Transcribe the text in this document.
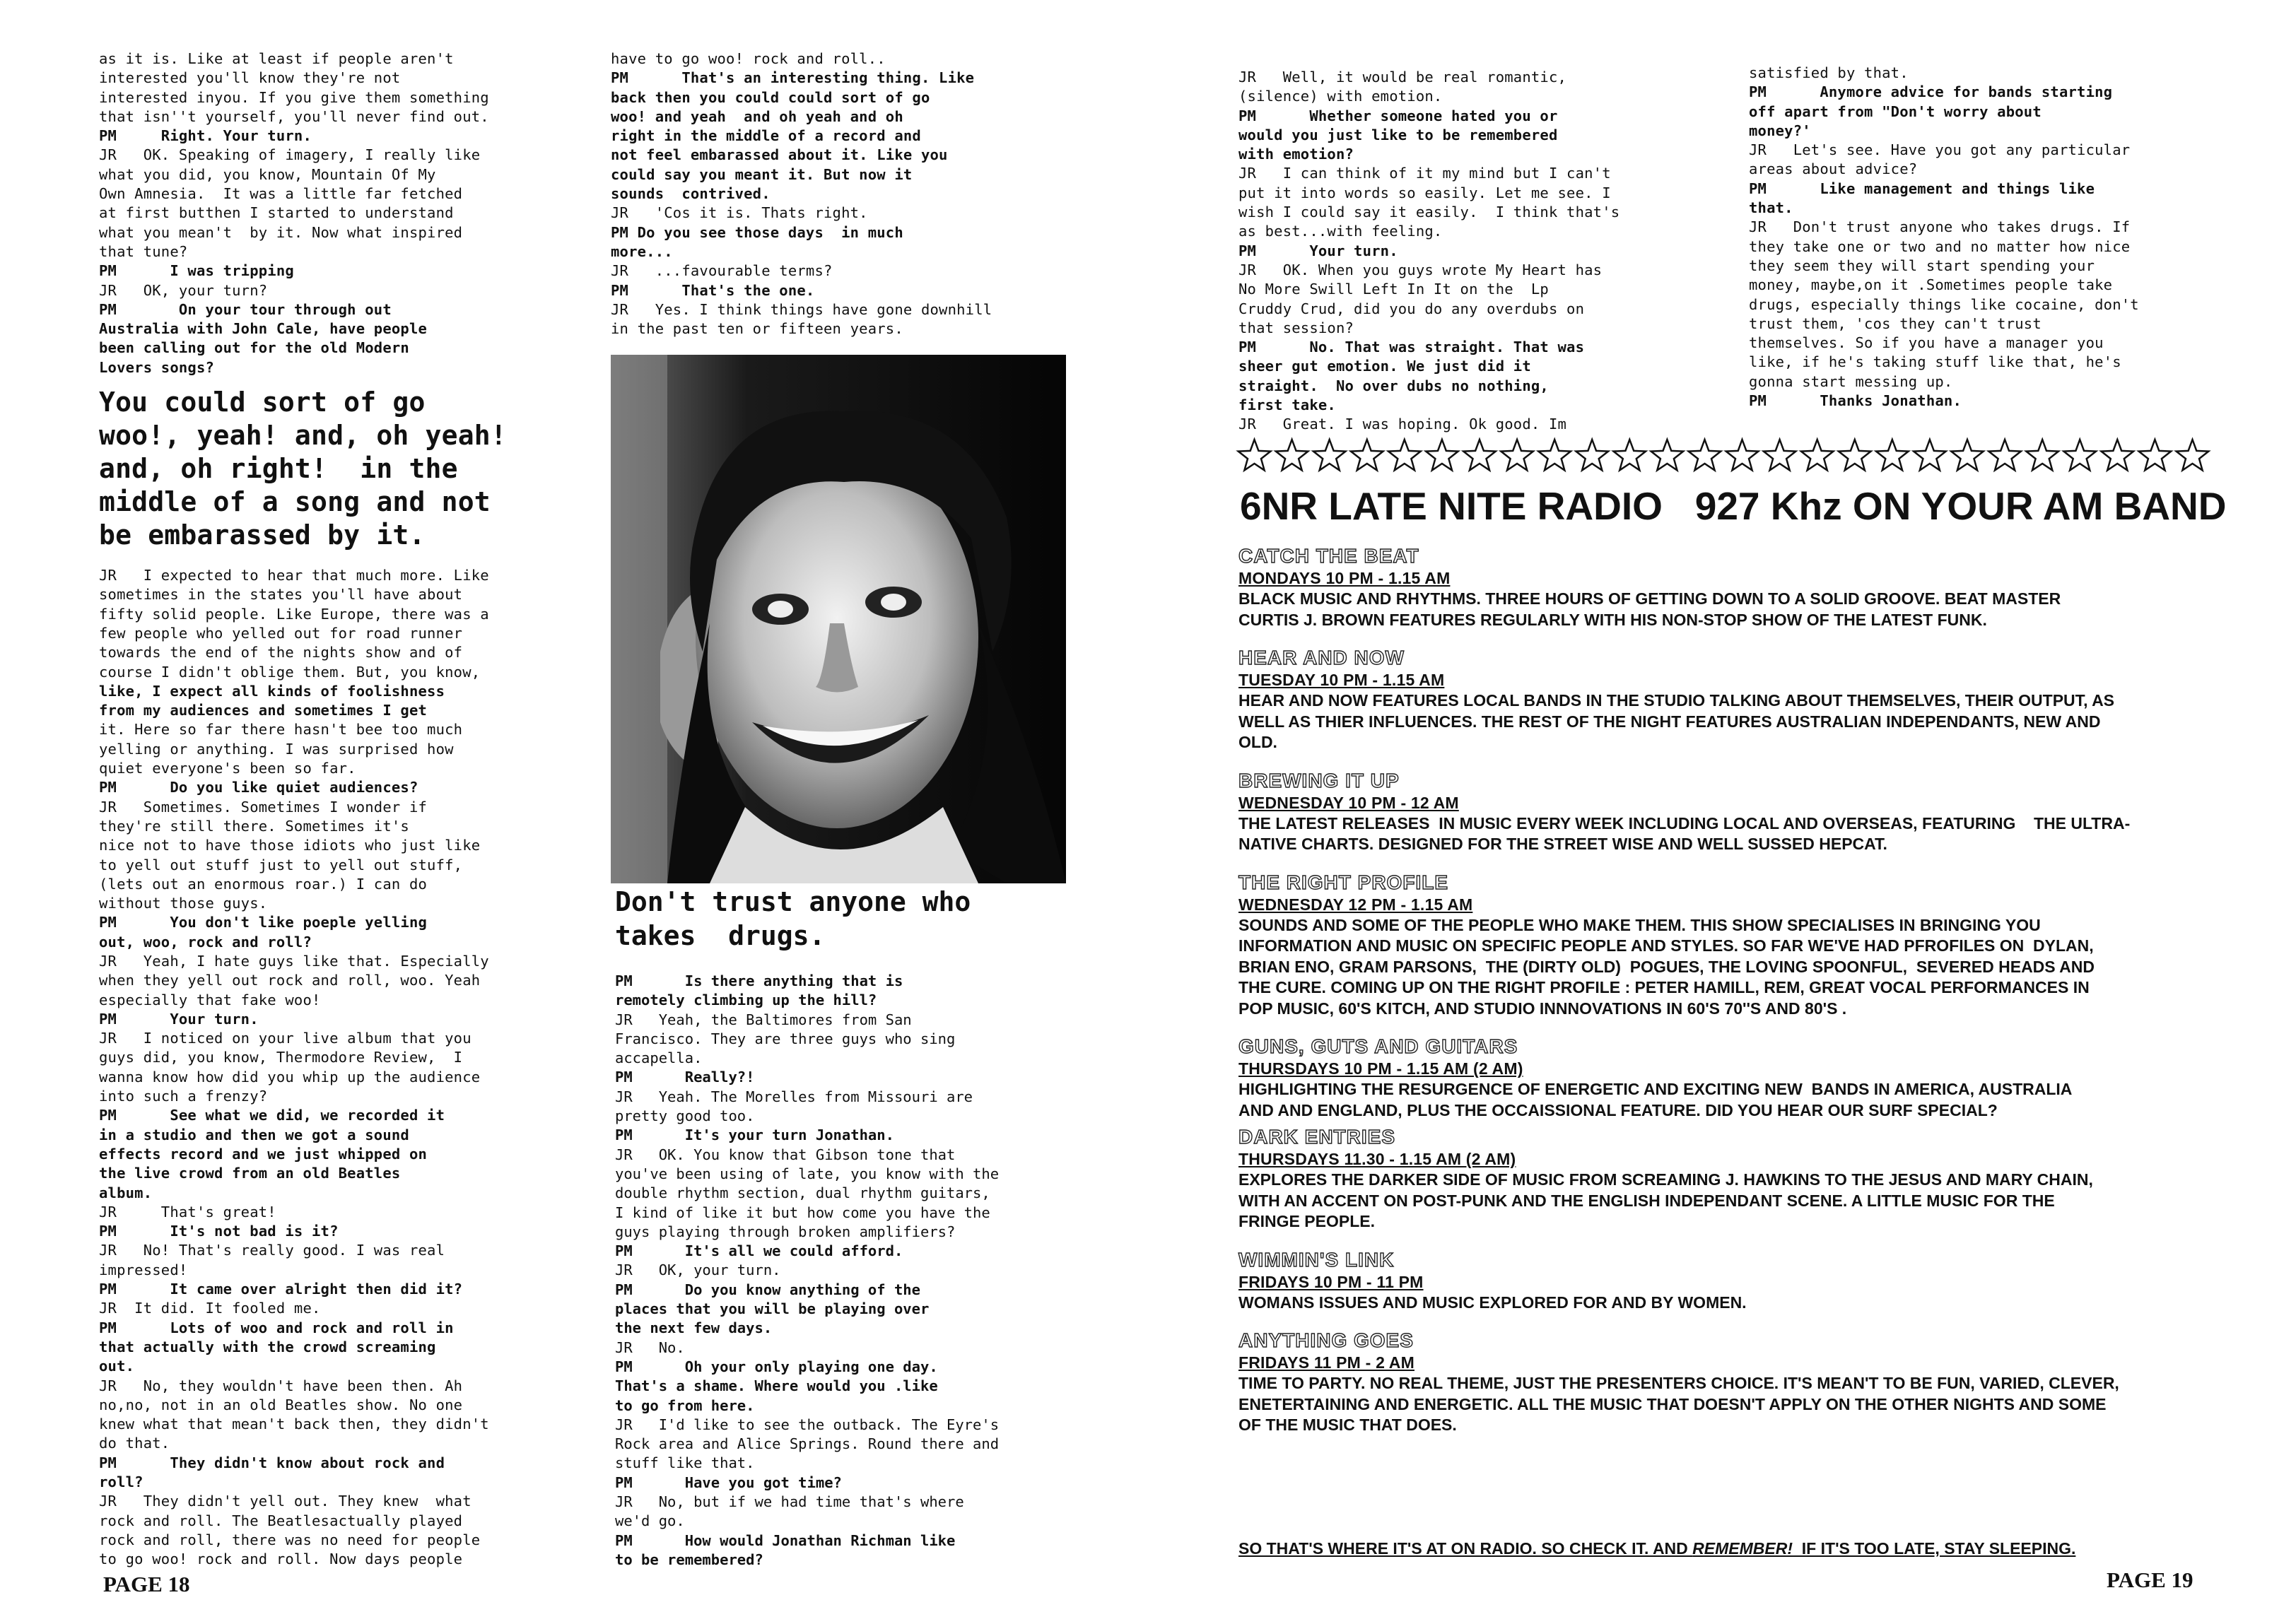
as it is. Like at least if people aren't
interested you'll know they're not
interested inyou. If you give them something
that isn''t yourself, you'll never find out.
PM     Right. Your turn.
JR   OK. Speaking of imagery, I really like
what you did, you know, Mountain Of My
Own Amnesia.  It was a little far fetched
at first butthen I started to understand
what you mean't  by it. Now what inspired
that tune?
PM      I was tripping
JR   OK, your turn?
PM       On your tour through out
Australia with John Cale, have people
been calling out for the old Modern
Lovers songs?
You could sort of go
woo!, yeah! and, oh yeah!
and, oh right!  in the
middle of a song and not
be embarassed by it.
JR   I expected to hear that much more. Like
sometimes in the states you'll have about
fifty solid people. Like Europe, there was a
few people who yelled out for road runner
towards the end of the nights show and of
course I didn't oblige them. But, you know,
like, I expect all kinds of foolishness
from my audiences and sometimes I get
it. Here so far there hasn't bee too much
yelling or anything. I was surprised how
quiet everyone's been so far.
PM      Do you like quiet audiences?
JR   Sometimes. Sometimes I wonder if
they're still there. Sometimes it's
nice not to have those idiots who just like
to yell out stuff just to yell out stuff,
(lets out an enormous roar.) I can do
without those guys.
PM      You don't like poeple yelling
out, woo, rock and roll?
JR   Yeah, I hate guys like that. Especially
when they yell out rock and roll, woo. Yeah
especially that fake woo!
PM      Your turn.
JR   I noticed on your live album that you
guys did, you know, Thermodore Review,  I
wanna know how did you whip up the audience
into such a frenzy?
PM      See what we did, we recorded it
in a studio and then we got a sound
effects record and we just whipped on
the live crowd from an old Beatles
album.
JR     That's great!
PM      It's not bad is it?
JR   No! That's really good. I was real
impressed!
PM      It came over alright then did it?
JR  It did. It fooled me.
PM      Lots of woo and rock and roll in
that actually with the crowd screaming
out.
JR   No, they wouldn't have been then. Ah
no,no, not in an old Beatles show. No one
knew what that mean't back then, they didn't
do that.
PM      They didn't know about rock and
roll?
JR   They didn't yell out. They knew  what
rock and roll. The Beatlesactually played
rock and roll, there was no need for people
to go woo! rock and roll. Now days people
have to go woo! rock and roll..
PM      That's an interesting thing. Like
back then you could could sort of go
woo! and yeah  and oh yeah and oh
right in the middle of a record and
not feel embarassed about it. Like you
could say you meant it. But now it
sounds  contrived.
JR   'Cos it is. Thats right.
PM Do you see those days  in much
more...
JR   ...favourable terms?
PM      That's the one.
JR   Yes. I think things have gone downhill
in the past ten or fifteen years.
Don't trust anyone who
takes  drugs.
PM      Is there anything that is
remotely climbing up the hill?
JR   Yeah, the Baltimores from San
Francisco. They are three guys who sing
accapella.
PM      Really?!
JR   Yeah. The Morelles from Missouri are
pretty good too.
PM      It's your turn Jonathan.
JR   OK. You know that Gibson tone that
you've been using of late, you know with the
double rhythm section, dual rhythm guitars,
I kind of like it but how come you have the
guys playing through broken amplifiers?
PM      It's all we could afford.
JR   OK, your turn.
PM      Do you know anything of the
places that you will be playing over
the next few days.
JR   No.
PM      Oh your only playing one day.
That's a shame. Where would you .like
to go from here.
JR   I'd like to see the outback. The Eyre's
Rock area and Alice Springs. Round there and
stuff like that.
PM      Have you got time?
JR   No, but if we had time that's where
we'd go.
PM      How would Jonathan Richman like
to be remembered?
PAGE 18
JR   Well, it would be real romantic,
(silence) with emotion.
PM      Whether someone hated you or
would you just like to be remembered
with emotion?
JR   I can think of it my mind but I can't
put it into words so easily. Let me see. I
wish I could say it easily.  I think that's
as best...with feeling.
PM      Your turn.
JR   OK. When you guys wrote My Heart has
No More Swill Left In It on the  Lp
Cruddy Crud, did you do any overdubs on
that session?
PM      No. That was straight. That was
sheer gut emotion. We just did it
straight.  No over dubs no nothing,
first take.
JR   Great. I was hoping. Ok good. Im
satisfied by that.
PM      Anymore advice for bands starting
off apart from "Don't worry about
money?'
JR   Let's see. Have you got any particular
areas about advice?
PM      Like management and things like
that.
JR   Don't trust anyone who takes drugs. If
they take one or two and no matter how nice
they seem they will start spending your
money, maybe,on it .Sometimes people take
drugs, especially things like cocaine, don't
trust them, 'cos they can't trust
themselves. So if you have a manager you
like, if he's taking stuff like that, he's
gonna start messing up.
PM      Thanks Jonathan.
6NR LATE NITE RADIO   927 Khz ON YOUR AM BAND
CATCH THE BEAT
MONDAYS 10 PM - 1.15 AM
BLACK MUSIC AND RHYTHMS. THREE HOURS OF GETTING DOWN TO A SOLID GROOVE. BEAT MASTER
CURTIS J. BROWN FEATURES REGULARLY WITH HIS NON-STOP SHOW OF THE LATEST FUNK.
HEAR AND NOW
TUESDAY 10 PM - 1.15 AM
HEAR AND NOW FEATURES LOCAL BANDS IN THE STUDIO TALKING ABOUT THEMSELVES, THEIR OUTPUT, AS
WELL AS THIER INFLUENCES. THE REST OF THE NIGHT FEATURES AUSTRALIAN INDEPENDANTS, NEW AND
OLD.
BREWING IT UP
WEDNESDAY 10 PM - 12 AM
THE LATEST RELEASES  IN MUSIC EVERY WEEK INCLUDING LOCAL AND OVERSEAS, FEATURING    THE ULTRA-
NATIVE CHARTS. DESIGNED FOR THE STREET WISE AND WELL SUSSED HEPCAT.
THE RIGHT PROFILE
WEDNESDAY 12 PM - 1.15 AM
SOUNDS AND SOME OF THE PEOPLE WHO MAKE THEM. THIS SHOW SPECIALISES IN BRINGING YOU
INFORMATION AND MUSIC ON SPECIFIC PEOPLE AND STYLES. SO FAR WE'VE HAD PFROFILES ON  DYLAN,
BRIAN ENO, GRAM PARSONS,  THE (DIRTY OLD)  POGUES, THE LOVING SPOONFUL,  SEVERED HEADS AND
THE CURE. COMING UP ON THE RIGHT PROFILE : PETER HAMILL, REM, GREAT VOCAL PERFORMANCES IN
POP MUSIC, 60'S KITCH, AND STUDIO INNNOVATIONS IN 60'S 70''S AND 80'S .
GUNS, GUTS AND GUITARS
THURSDAYS 10 PM - 1.15 AM (2 AM)
HIGHLIGHTING THE RESURGENCE OF ENERGETIC AND EXCITING NEW  BANDS IN AMERICA, AUSTRALIA
AND AND ENGLAND, PLUS THE OCCAISSIONAL FEATURE. DID YOU HEAR OUR SURF SPECIAL?
DARK ENTRIES
THURSDAYS 11.30 - 1.15 AM (2 AM)
EXPLORES THE DARKER SIDE OF MUSIC FROM SCREAMING J. HAWKINS TO THE JESUS AND MARY CHAIN,
WITH AN ACCENT ON POST-PUNK AND THE ENGLISH INDEPENDANT SCENE. A LITTLE MUSIC FOR THE
FRINGE PEOPLE.
WIMMIN'S LINK
FRIDAYS 10 PM - 11 PM
WOMANS ISSUES AND MUSIC EXPLORED FOR AND BY WOMEN.
ANYTHING GOES
FRIDAYS 11 PM - 2 AM
TIME TO PARTY. NO REAL THEME, JUST THE PRESENTERS CHOICE. IT'S MEAN'T TO BE FUN, VARIED, CLEVER,
ENETERTAINING AND ENERGETIC. ALL THE MUSIC THAT DOESN'T APPLY ON THE OTHER NIGHTS AND SOME
OF THE MUSIC THAT DOES.
SO THAT'S WHERE IT'S AT ON RADIO. SO CHECK IT. AND REMEMBER!  IF IT'S TOO LATE, STAY SLEEPING.
PAGE 19
